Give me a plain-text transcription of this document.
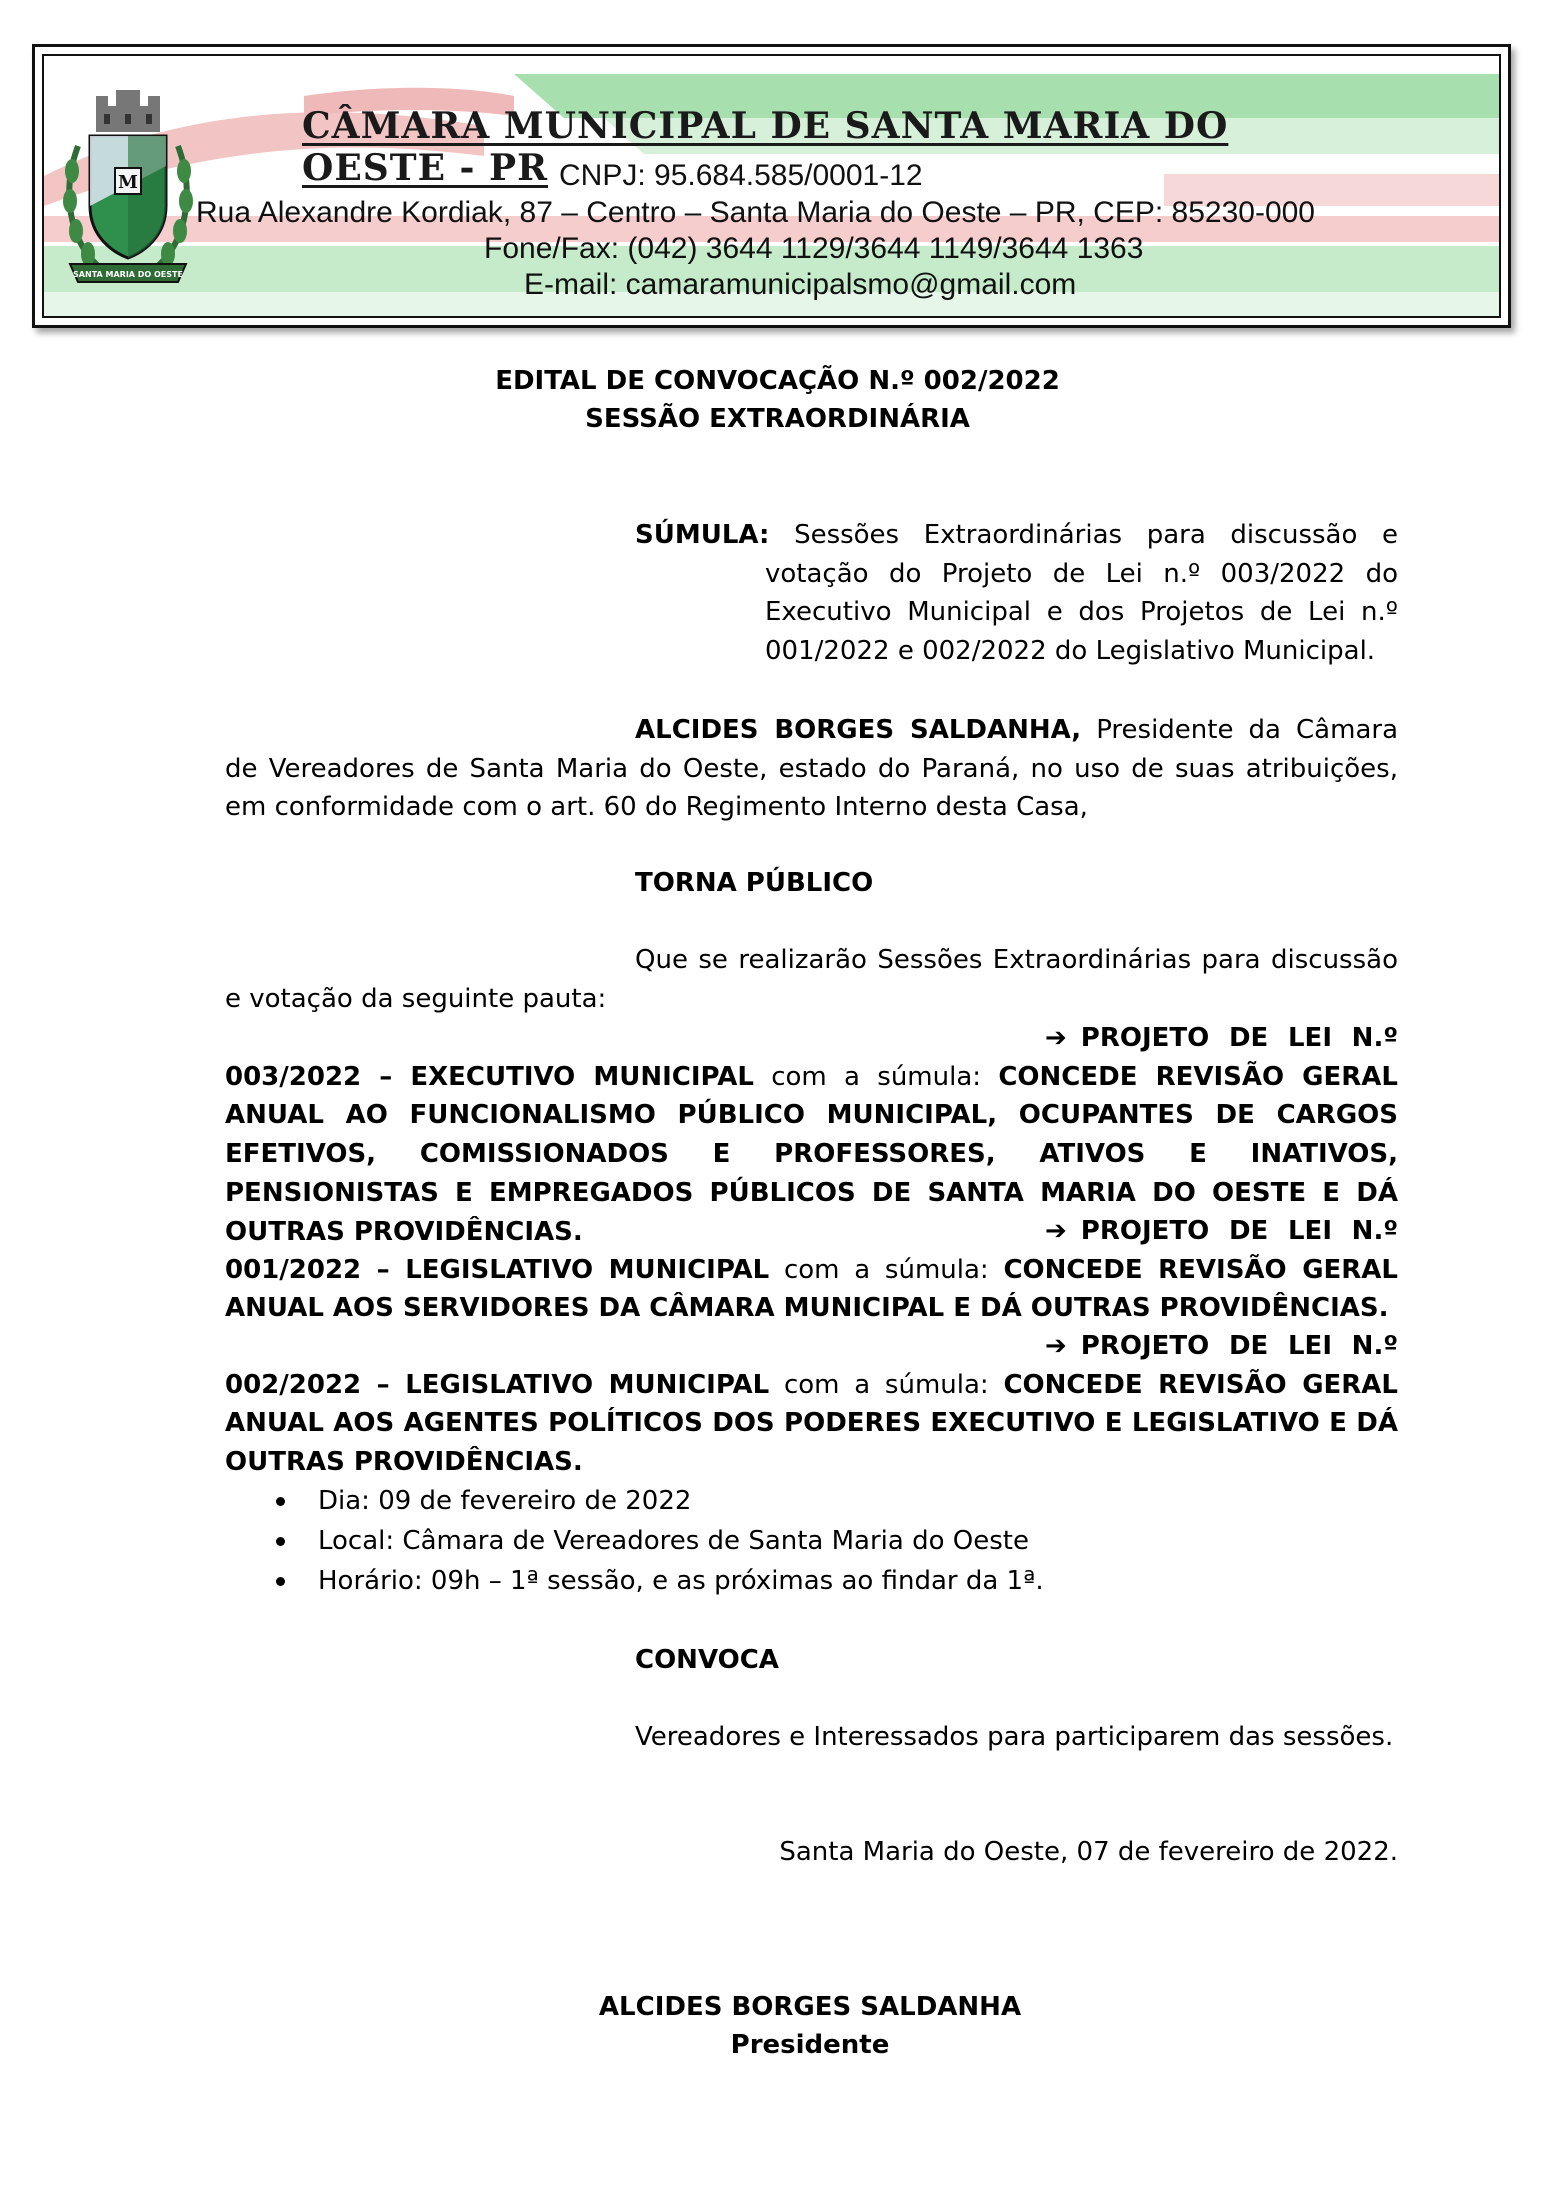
M
SANTA MARIA DO OESTE
CÂMARA MUNICIPAL DE SANTA MARIA DO OESTE - PR CNPJ: 95.684.585/0001-12
Rua Alexandre Kordiak, 87 – Centro – Santa Maria do Oeste – PR, CEP: 85230-000
Fone/Fax: (042) 3644 1129/3644 1149/3644 1363
E-mail: camaramunicipalsmo@gmail.com
EDITAL DE CONVOCAÇÃO N.º 002/2022
SESSÃO EXTRAORDINÁRIA
SÚMULA: Sessões Extraordinárias para discussão e votação do Projeto de Lei n.º 003/2022 do Executivo Municipal e dos Projetos de Lei n.º 001/2022 e 002/2022 do Legislativo Municipal.
ALCIDES BORGES SALDANHA, Presidente da Câmara de Vereadores de Santa Maria do Oeste, estado do Paraná, no uso de suas atribuições, em conformidade com o art. 60 do Regimento Interno desta Casa,
TORNA PÚBLICO
Que se realizarão Sessões Extraordinárias para discussão e votação da seguinte pauta:
➔ PROJETO DE LEI N.º 003/2022 – EXECUTIVO MUNICIPAL com a súmula: CONCEDE REVISÃO GERAL ANUAL AO FUNCIONALISMO PÚBLICO MUNICIPAL, OCUPANTES DE CARGOS EFETIVOS, COMISSIONADOS E PROFESSORES, ATIVOS E INATIVOS, PENSIONISTAS E EMPREGADOS PÚBLICOS DE SANTA MARIA DO OESTE E DÁ OUTRAS PROVIDÊNCIAS.	➔ PROJETO DE LEI N.º 001/2022 – LEGISLATIVO MUNICIPAL com a súmula: CONCEDE REVISÃO GERAL ANUAL AOS SERVIDORES DA CÂMARA MUNICIPAL E DÁ OUTRAS PROVIDÊNCIAS.
➔ PROJETO DE LEI N.º 002/2022 – LEGISLATIVO MUNICIPAL com a súmula: CONCEDE REVISÃO GERAL ANUAL AOS AGENTES POLÍTICOS DOS PODERES EXECUTIVO E LEGISLATIVO E DÁ OUTRAS PROVIDÊNCIAS.
Dia: 09 de fevereiro de 2022
Local: Câmara de Vereadores de Santa Maria do Oeste
Horário: 09h – 1ª sessão, e as próximas ao findar da 1ª.
CONVOCA
Vereadores e Interessados para participarem das sessões.
Santa Maria do Oeste, 07 de fevereiro de 2022.
ALCIDES BORGES SALDANHA
Presidente
